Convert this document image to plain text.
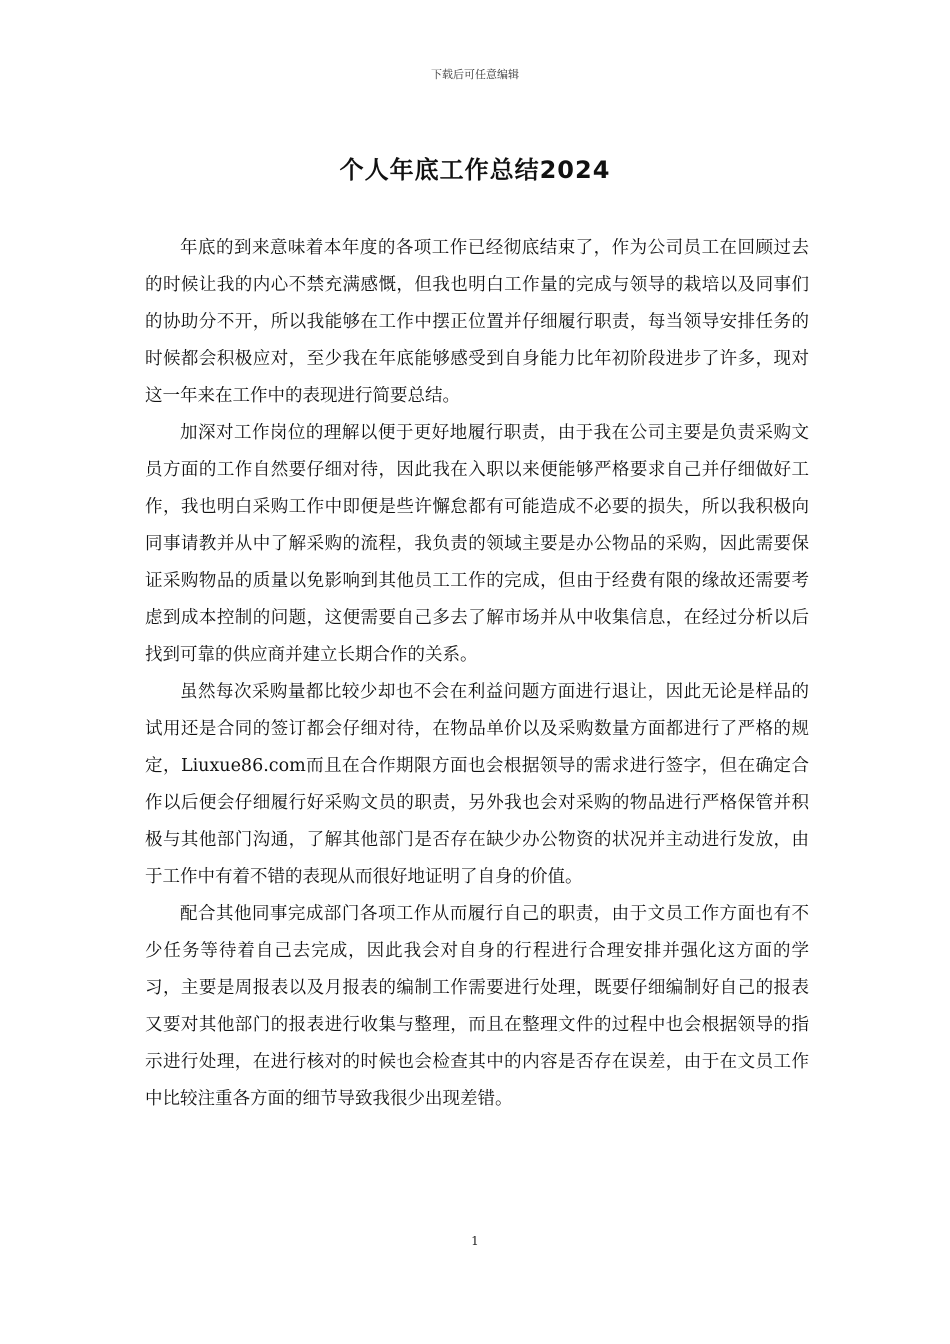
下载后可任意编辑
个人年底工作总结2024

年底的到来意味着本年度的各项工作已经彻底结束了，作为公司员工在回顾过去的时候让我的内心不禁充满感慨，但我也明白工作量的完成与领导的栽培以及同事们的协助分不开，所以我能够在工作中摆正位置并仔细履行职责，每当领导安排任务的时候都会积极应对，至少我在年底能够感受到自身能力比年初阶段进步了许多，现对这一年来在工作中的表现进行简要总结。

加深对工作岗位的理解以便于更好地履行职责，由于我在公司主要是负责采购文员方面的工作自然要仔细对待，因此我在入职以来便能够严格要求自己并仔细做好工作，我也明白采购工作中即便是些许懈怠都有可能造成不必要的损失，所以我积极向同事请教并从中了解采购的流程，我负责的领域主要是办公物品的采购，因此需要保证采购物品的质量以免影响到其他员工工作的完成，但由于经费有限的缘故还需要考虑到成本控制的问题，这便需要自己多去了解市场并从中收集信息，在经过分析以后找到可靠的供应商并建立长期合作的关系。

虽然每次采购量都比较少却也不会在利益问题方面进行退让，因此无论是样品的试用还是合同的签订都会仔细对待，在物品单价以及采购数量方面都进行了严格的规定，Liuxue86.com而且在合作期限方面也会根据领导的需求进行签字，但在确定合作以后便会仔细履行好采购文员的职责，另外我也会对采购的物品进行严格保管并积极与其他部门沟通，了解其他部门是否存在缺少办公物资的状况并主动进行发放，由于工作中有着不错的表现从而很好地证明了自身的价值。

配合其他同事完成部门各项工作从而履行自己的职责，由于文员工作方面也有不少任务等待着自己去完成，因此我会对自身的行程进行合理安排并强化这方面的学习，主要是周报表以及月报表的编制工作需要进行处理，既要仔细编制好自己的报表又要对其他部门的报表进行收集与整理，而且在整理文件的过程中也会根据领导的指示进行处理，在进行核对的时候也会检查其中的内容是否存在误差，由于在文员工作中比较注重各方面的细节导致我很少出现差错。

1
